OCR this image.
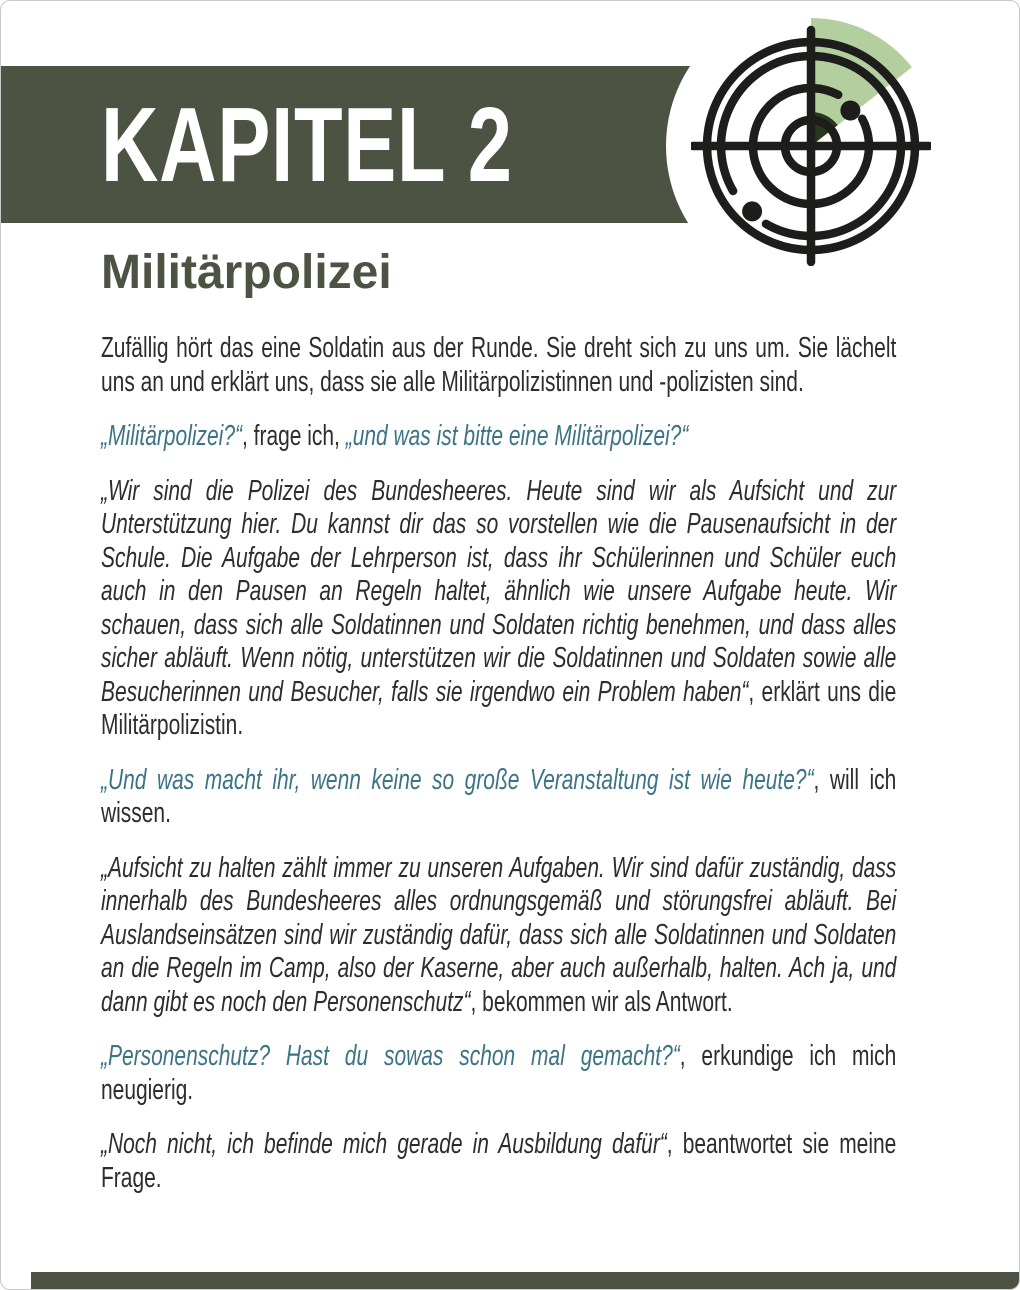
KAPITEL 2
Militärpolizei

Zufällig hört das eine Soldatin aus der Runde. Sie dreht sich zu uns um. Sie lächelt uns an und erklärt uns, dass sie alle Militärpolizistinnen und -polizisten sind.

„Militärpolizei?“, frage ich, „und was ist bitte eine Militärpolizei?“

„Wir sind die Polizei des Bundesheeres. Heute sind wir als Aufsicht und zur Unterstützung hier. Du kannst dir das so vorstellen wie die Pausenaufsicht in der Schule. Die Aufgabe der Lehrperson ist, dass ihr Schülerinnen und Schüler euch auch in den Pausen an Regeln haltet, ähnlich wie unsere Aufgabe heute. Wir schauen, dass sich alle Soldatinnen und Soldaten richtig benehmen, und dass alles sicher abläuft. Wenn nötig, unterstützen wir die Soldatinnen und Soldaten sowie alle Besucherinnen und Besucher, falls sie irgendwo ein Problem haben“, erklärt uns die Militärpolizistin.

„Und was macht ihr, wenn keine so große Veranstaltung ist wie heute?“, will ich wissen.

„Aufsicht zu halten zählt immer zu unseren Aufgaben. Wir sind dafür zuständig, dass innerhalb des Bundesheeres alles ordnungsgemäß und störungsfrei abläuft. Bei Auslandseinsätzen sind wir zuständig dafür, dass sich alle Soldatinnen und Soldaten an die Regeln im Camp, also der Kaserne, aber auch außerhalb, halten. Ach ja, und dann gibt es noch den Personenschutz“, bekommen wir als Antwort.

„Personenschutz? Hast du sowas schon mal gemacht?“, erkundige ich mich neugierig.

„Noch nicht, ich befinde mich gerade in Ausbildung dafür“, beantwortet sie meine Frage.
